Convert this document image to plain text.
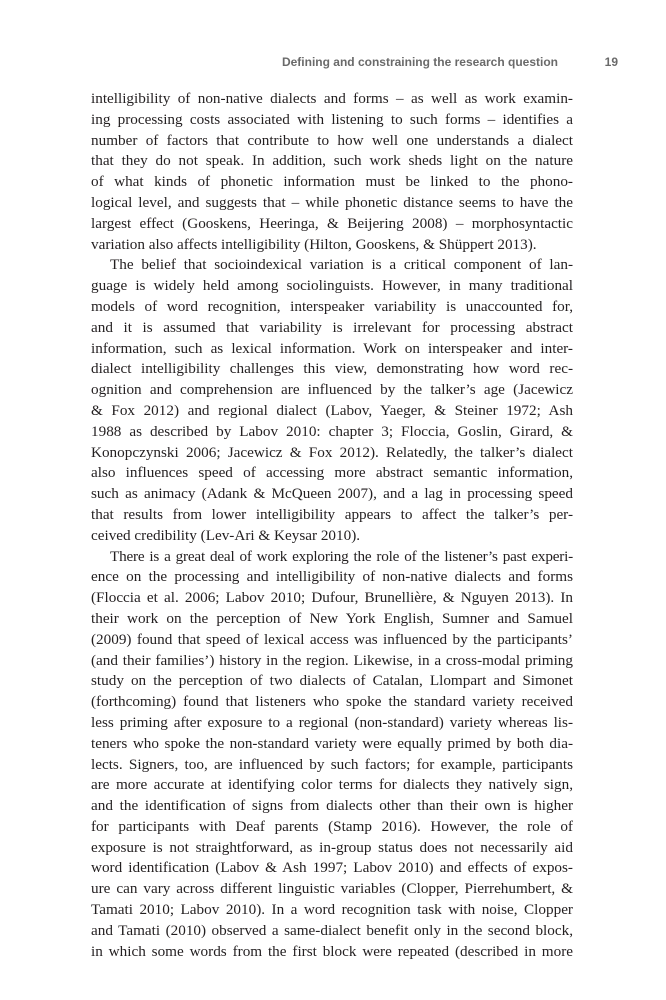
Defining and constraining the research question	19

intelligibility of non-native dialects and forms – as well as work examin-
ing processing costs associated with listening to such forms – identifies a
number of factors that contribute to how well one understands a dialect
that they do not speak. In addition, such work sheds light on the nature
of what kinds of phonetic information must be linked to the phono-
logical level, and suggests that – while phonetic distance seems to have the
largest effect (Gooskens, Heeringa, & Beijering 2008) – morphosyntactic
variation also affects intelligibility (Hilton, Gooskens, & Shüppert 2013).

The belief that socioindexical variation is a critical component of lan-
guage is widely held among sociolinguists. However, in many traditional
models of word recognition, interspeaker variability is unaccounted for,
and it is assumed that variability is irrelevant for processing abstract
information, such as lexical information. Work on interspeaker and inter-
dialect intelligibility challenges this view, demonstrating how word rec-
ognition and comprehension are influenced by the talker’s age (Jacewicz
& Fox 2012) and regional dialect (Labov, Yaeger, & Steiner 1972; Ash
1988 as described by Labov 2010: chapter 3; Floccia, Goslin, Girard, &
Konopczynski 2006; Jacewicz & Fox 2012). Relatedly, the talker’s dialect
also influences speed of accessing more abstract semantic information,
such as animacy (Adank & McQueen 2007), and a lag in processing speed
that results from lower intelligibility appears to affect the talker’s per-
ceived credibility (Lev-Ari & Keysar 2010).

There is a great deal of work exploring the role of the listener’s past experi-
ence on the processing and intelligibility of non-native dialects and forms
(Floccia et al. 2006; Labov 2010; Dufour, Brunellière, & Nguyen 2013). In
their work on the perception of New York English, Sumner and Samuel
(2009) found that speed of lexical access was influenced by the participants’
(and their families’) history in the region. Likewise, in a cross-modal priming
study on the perception of two dialects of Catalan, Llompart and Simonet
(forthcoming) found that listeners who spoke the standard variety received
less priming after exposure to a regional (non-standard) variety whereas lis-
teners who spoke the non-standard variety were equally primed by both dia-
lects. Signers, too, are influenced by such factors; for example, participants
are more accurate at identifying color terms for dialects they natively sign,
and the identification of signs from dialects other than their own is higher
for participants with Deaf parents (Stamp 2016). However, the role of
exposure is not straightforward, as in-group status does not necessarily aid
word identification (Labov & Ash 1997; Labov 2010) and effects of expos-
ure can vary across different linguistic variables (Clopper, Pierrehumbert, &
Tamati 2010; Labov 2010). In a word recognition task with noise, Clopper
and Tamati (2010) observed a same-dialect benefit only in the second block,
in which some words from the first block were repeated (described in more
